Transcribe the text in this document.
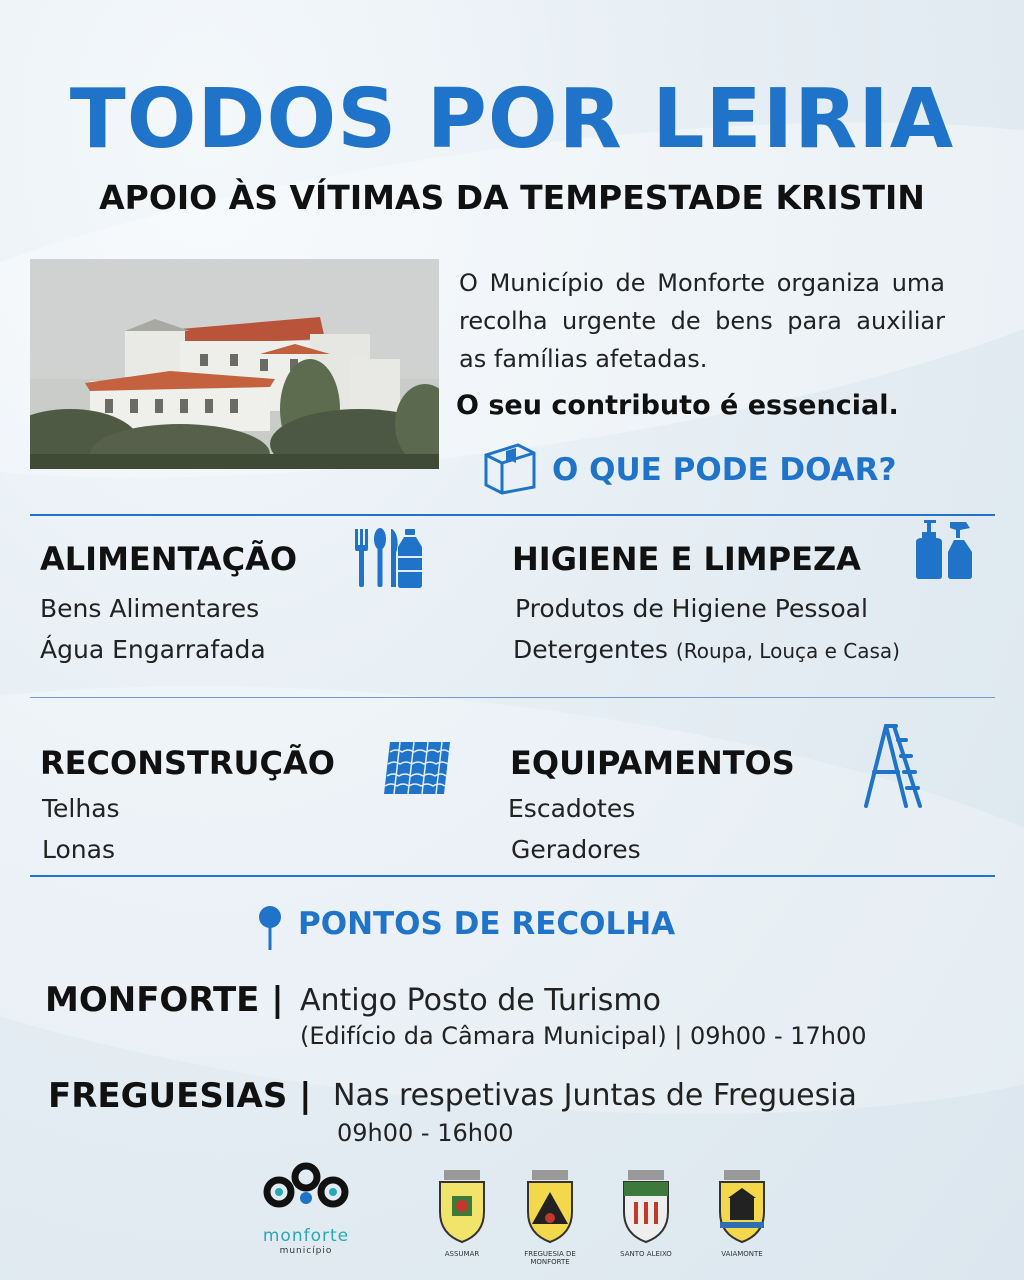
TODOS POR LEIRIA
APOIO ÀS VÍTIMAS DA TEMPESTADE KRISTIN
O Município de Monforte organiza uma recolha urgente de bens para auxiliar as famílias afetadas.
O seu contributo é essencial.
O QUE PODE DOAR?
ALIMENTAÇÃO
Bens Alimentares
Água Engarrafada
HIGIENE E LIMPEZA
Produtos de Higiene Pessoal
Detergentes (Roupa, Louça e Casa)
RECONSTRUÇÃO
Telhas
Lonas
EQUIPAMENTOS
Escadotes
Geradores
PONTOS DE RECOLHA
MONFORTE | Antigo Posto de Turismo
(Edifício da Câmara Municipal) | 09h00 - 17h00
FREGUESIAS | Nas respetivas Juntas de Freguesia
09h00 - 16h00
monforte
município	ASSUMAR	FREGUESIA DE MONFORTE
SANTO ALEIXO	VAIAMONTE
